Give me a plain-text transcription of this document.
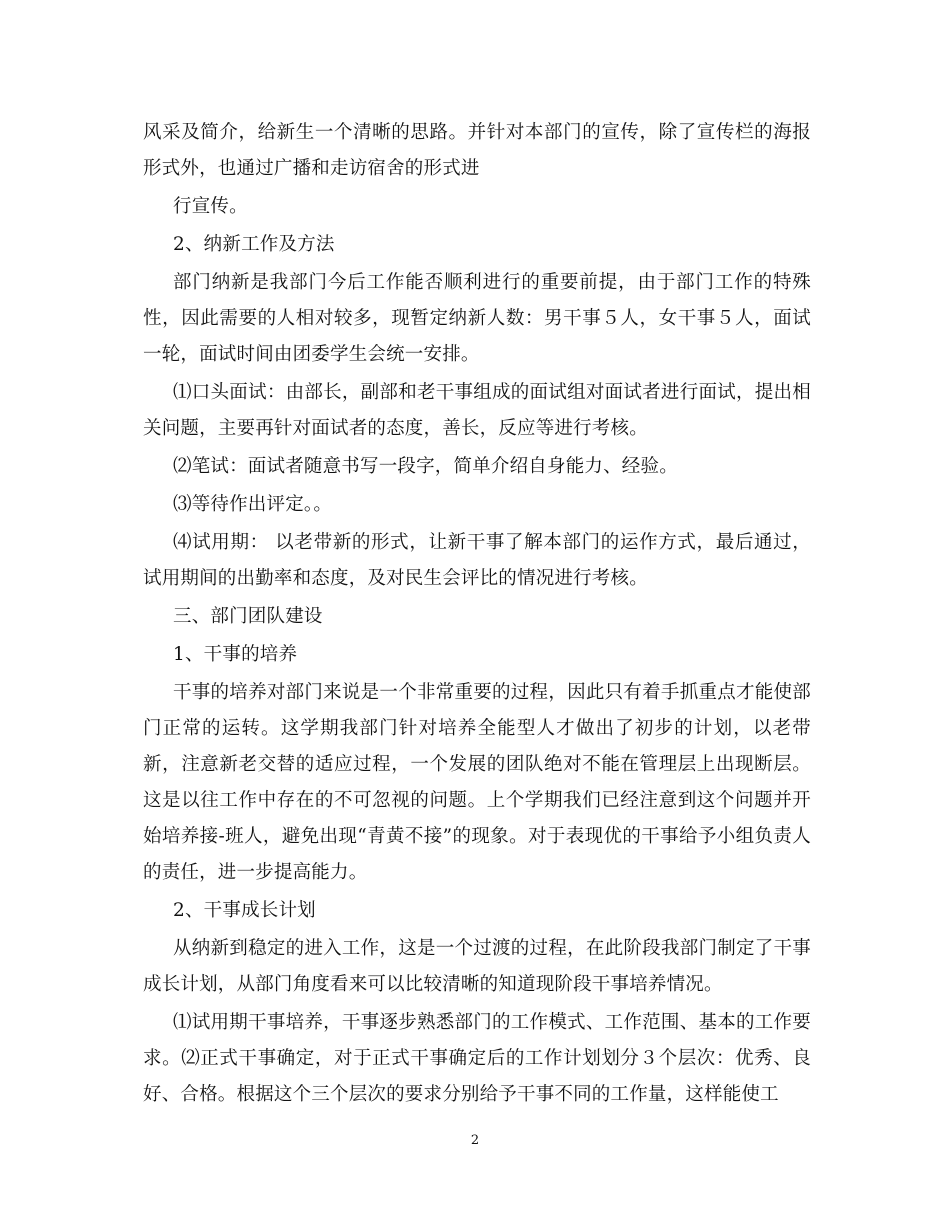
风采及简介，给新生一个清晰的思路。并针对本部门的宣传，除了宣传栏的海报形式外，也通过广播和走访宿舍的形式进

行宣传。

2、纳新工作及方法

部门纳新是我部门今后工作能否顺利进行的重要前提，由于部门工作的特殊性，因此需要的人相对较多，现暂定纳新人数：男干事５人，女干事５人，面试一轮，面试时间由团委学生会统一安排。

⑴口头面试：由部长，副部和老干事组成的面试组对面试者进行面试，提出相关问题，主要再针对面试者的态度，善长，反应等进行考核。

⑵笔试：面试者随意书写一段字，简单介绍自身能力、经验。

⑶等待作出评定。。

⑷试用期： 以老带新的形式，让新干事了解本部门的运作方式，最后通过，试用期间的出勤率和态度，及对民生会评比的情况进行考核。

三、部门团队建设

1、干事的培养

干事的培养对部门来说是一个非常重要的过程，因此只有着手抓重点才能使部门正常的运转。这学期我部门针对培养全能型人才做出了初步的计划，以老带新，注意新老交替的适应过程，一个发展的团队绝对不能在管理层上出现断层。这是以往工作中存在的不可忽视的问题。上个学期我们已经注意到这个问题并开始培养接-班人，避免出现“青黄不接”的现象。对于表现优的干事给予小组负责人的责任，进一步提高能力。

2、干事成长计划

从纳新到稳定的进入工作，这是一个过渡的过程，在此阶段我部门制定了干事成长计划，从部门角度看来可以比较清晰的知道现阶段干事培养情况。

⑴试用期干事培养，干事逐步熟悉部门的工作模式、工作范围、基本的工作要求。⑵正式干事确定，对于正式干事确定后的工作计划划分３个层次：优秀、良好、合格。根据这个三个层次的要求分别给予干事不同的工作量，这样能使工

2
